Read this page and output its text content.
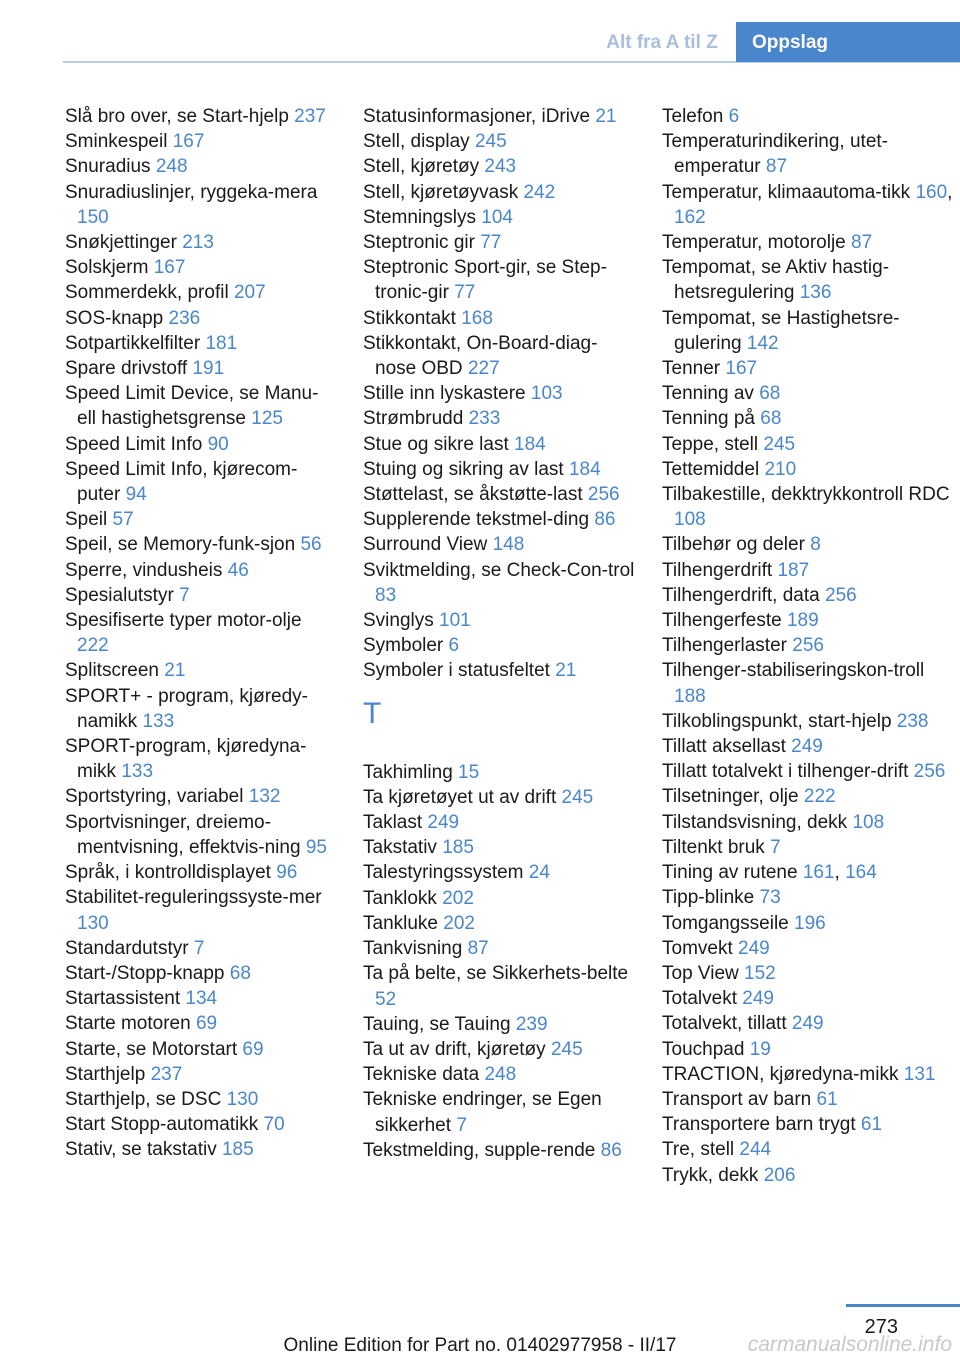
Alt fra A til Z	Oppslag
Slå bro over, se Start-hjelp 237
Sminkespeil 167
Snuradius 248
Snuradiuslinjer, ryggeka-mera 150
Snøkjettinger 213
Solskjerm 167
Sommerdekk, profil 207
SOS-knapp 236
Sotpartikkelfilter 181
Spare drivstoff 191
Speed Limit Device, se Manu-ell hastighetsgrense 125
Speed Limit Info 90
Speed Limit Info, kjørecom-puter 94
Speil 57
Speil, se Memory-funk-sjon 56
Sperre, vindusheis 46
Spesialutstyr 7
Spesifiserte typer motor-olje 222
Splitscreen 21
SPORT+ - program, kjøredy-namikk 133
SPORT-program, kjøredyna-mikk 133
Sportstyring, variabel 132
Sportvisninger, dreiemo-mentvisning, effektvis-ning 95
Språk, i kontrolldisplayet 96
Stabilitet-reguleringssyste-mer 130
Standardutstyr 7
Start-/Stopp-knapp 68
Startassistent 134
Starte motoren 69
Starte, se Motorstart 69
Starthjelp 237
Starthjelp, se DSC 130
Start Stopp-automatikk 70
Stativ, se takstativ 185
Statusinformasjoner, iDrive 21
Stell, display 245
Stell, kjøretøy 243
Stell, kjøretøyvask 242
Stemningslys 104
Steptronic gir 77
Steptronic Sport-gir, se Step-tronic-gir 77
Stikkontakt 168
Stikkontakt, On-Board-diag-nose OBD 227
Stille inn lyskastere 103
Strømbrudd 233
Stue og sikre last 184
Stuing og sikring av last 184
Støttelast, se åkstøtte-last 256
Supplerende tekstmel-ding 86
Surround View 148
Sviktmelding, se Check-Con-trol 83
Svinglys 101
Symboler 6
Symboler i statusfeltet 21
T
Takhimling 15
Ta kjøretøyet ut av drift 245
Taklast 249
Takstativ 185
Talestyringssystem 24
Tanklokk 202
Tankluke 202
Tankvisning 87
Ta på belte, se Sikkerhets-belte 52
Tauing, se Tauing 239
Ta ut av drift, kjøretøy 245
Tekniske data 248
Tekniske endringer, se Egen sikkerhet 7
Tekstmelding, supple-rende 86
Telefon 6
Temperaturindikering, utet-emperatur 87
Temperatur, klimaautoma-tikk 160, 162
Temperatur, motorolje 87
Tempomat, se Aktiv hastig-hetsregulering 136
Tempomat, se Hastighetsre-gulering 142
Tenner 167
Tenning av 68
Tenning på 68
Teppe, stell 245
Tettemiddel 210
Tilbakestille, dekktrykkontroll RDC 108
Tilbehør og deler 8
Tilhengerdrift 187
Tilhengerdrift, data 256
Tilhengerfeste 189
Tilhengerlaster 256
Tilhenger-stabiliseringskon-troll 188
Tilkoblingspunkt, start-hjelp 238
Tillatt aksellast 249
Tillatt totalvekt i tilhenger-drift 256
Tilsetninger, olje 222
Tilstandsvisning, dekk 108
Tiltenkt bruk 7
Tining av rutene 161, 164
Tipp-blinke 73
Tomgangsseile 196
Tomvekt 249
Top View 152
Totalvekt 249
Totalvekt, tillatt 249
Touchpad 19
TRACTION, kjøredyna-mikk 131
Transport av barn 61
Transportere barn trygt 61
Tre, stell 244
Trykk, dekk 206
273
Online Edition for Part no. 01402977958 - II/17	carmanualsonline.info
